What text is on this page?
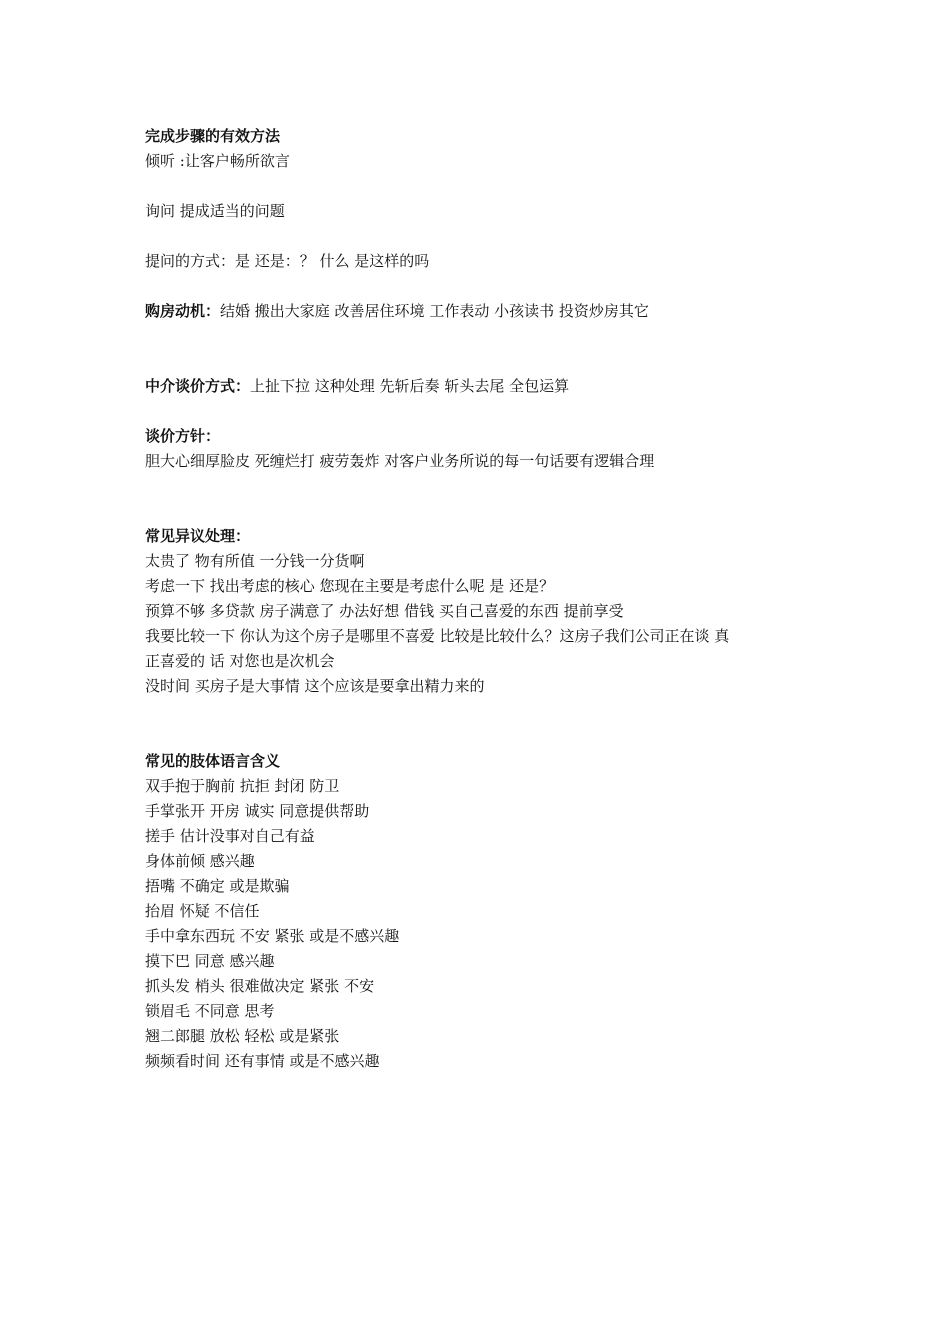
完成步骤的有效方法
倾听 :让客户畅所欲言
询问 提成适当的问题
提问的方式：是 还是：？ 什么 是这样的吗
购房动机：结婚 搬出大家庭 改善居住环境 工作表动 小孩读书 投资炒房其它
中介谈价方式：上扯下拉 这种处理 先斩后奏 斩头去尾 全包运算
谈价方针：
胆大心细厚脸皮 死缠烂打 疲劳轰炸 对客户业务所说的每一句话要有逻辑合理
常见异议处理：
太贵了 物有所值 一分钱一分货啊
考虑一下 找出考虑的核心 您现在主要是考虑什么呢 是 还是？
预算不够 多贷款 房子满意了 办法好想 借钱 买自己喜爱的东西 提前享受
我要比较一下 你认为这个房子是哪里不喜爱 比较是比较什么？这房子我们公司正在谈 真
正喜爱的 话 对您也是次机会
没时间 买房子是大事情 这个应该是要拿出精力来的
常见的肢体语言含义
双手抱于胸前 抗拒 封闭 防卫
手掌张开 开房 诚实 同意提供帮助
搓手 估计没事对自己有益
身体前倾 感兴趣
捂嘴 不确定 或是欺骗
抬眉 怀疑 不信任
手中拿东西玩 不安 紧张 或是不感兴趣
摸下巴 同意 感兴趣
抓头发 梢头 很难做决定 紧张 不安
锁眉毛 不同意 思考
翘二郎腿 放松 轻松 或是紧张
频频看时间 还有事情 或是不感兴趣
